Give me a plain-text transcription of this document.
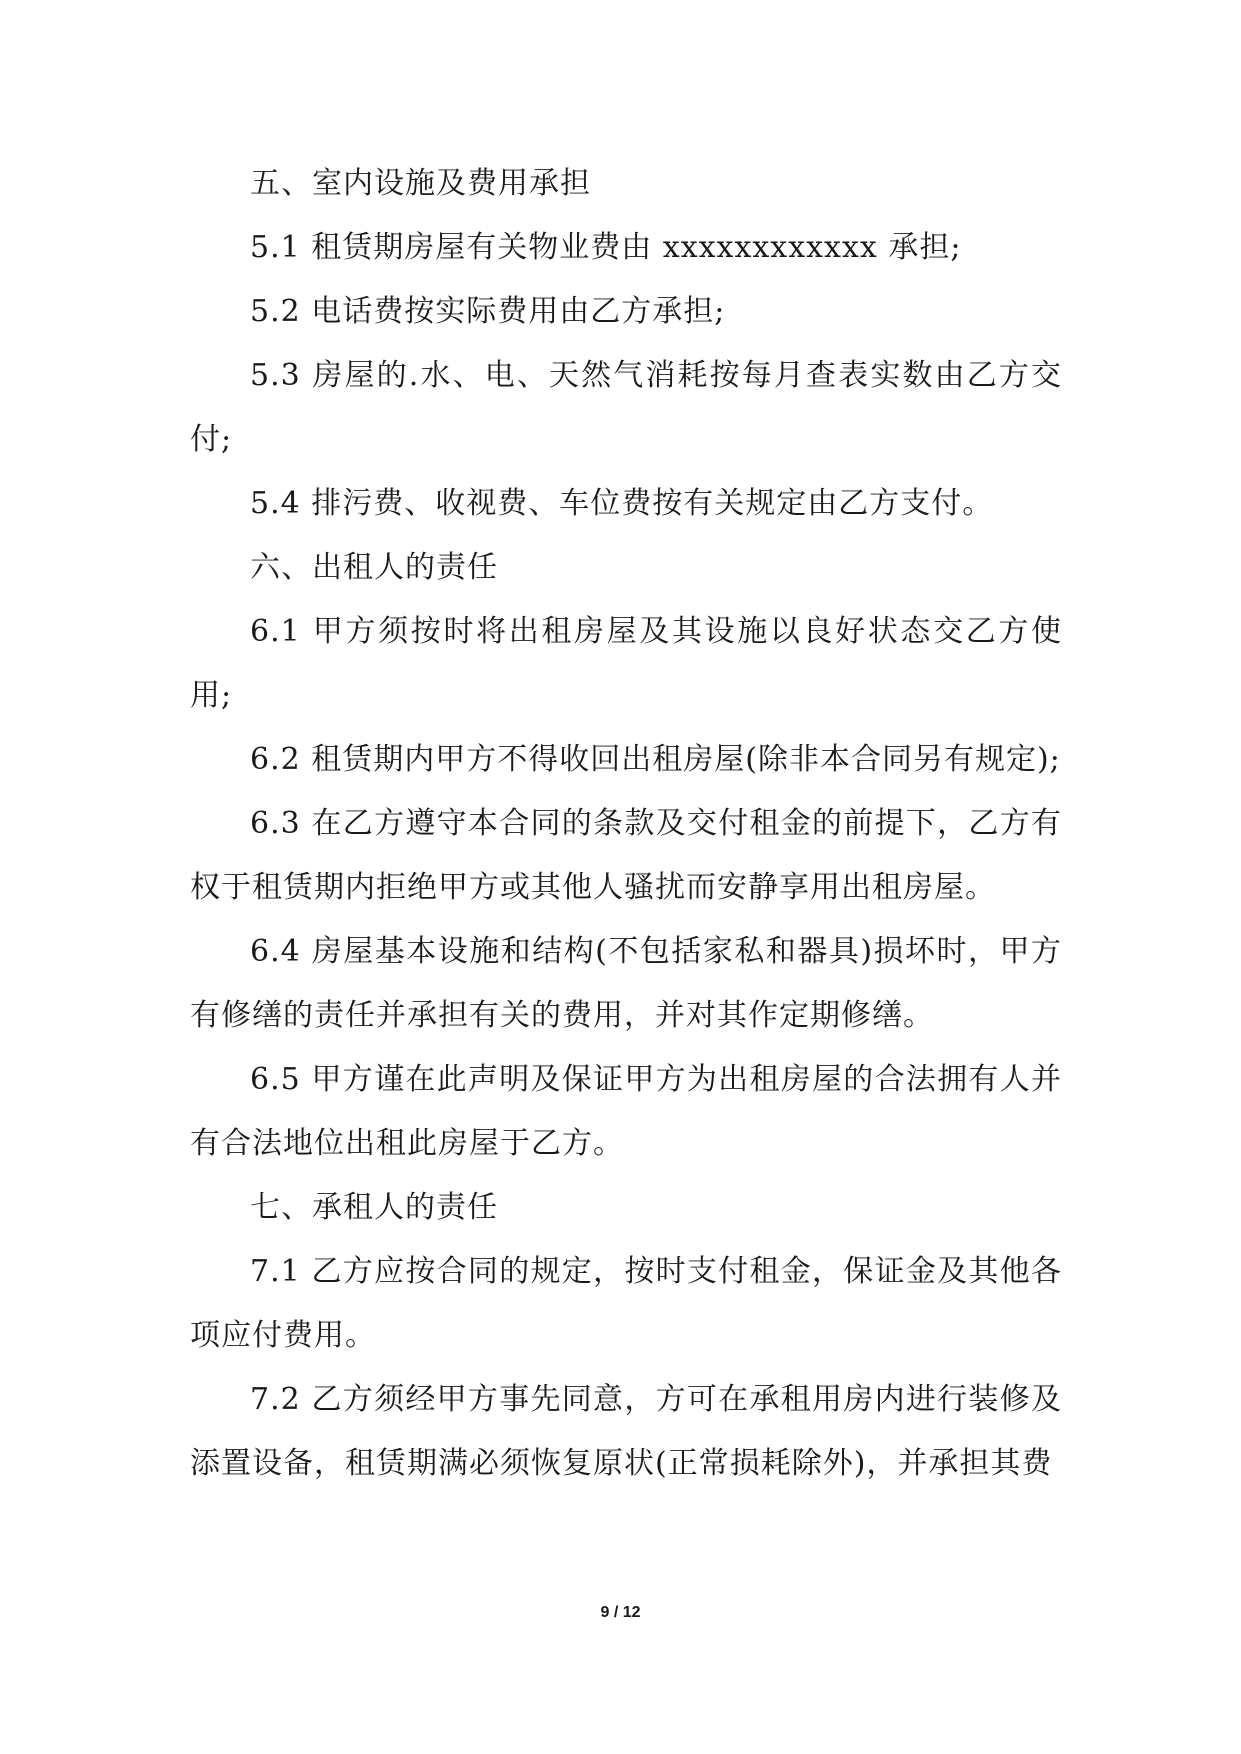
五、室内设施及费用承担

5.1 租赁期房屋有关物业费由 xxxxxxxxxxxx 承担;

5.2 电话费按实际费用由乙方承担;

5.3 房屋的.水、电、天然气消耗按每月查表实数由乙方交付;

5.4 排污费、收视费、车位费按有关规定由乙方支付。

六、出租人的责任

6.1 甲方须按时将出租房屋及其设施以良好状态交乙方使用;

6.2 租赁期内甲方不得收回出租房屋(除非本合同另有规定);

6.3 在乙方遵守本合同的条款及交付租金的前提下，乙方有权于租赁期内拒绝甲方或其他人骚扰而安静享用出租房屋。

6.4 房屋基本设施和结构(不包括家私和器具)损坏时，甲方有修缮的责任并承担有关的费用，并对其作定期修缮。

6.5 甲方谨在此声明及保证甲方为出租房屋的合法拥有人并有合法地位出租此房屋于乙方。

七、承租人的责任

7.1 乙方应按合同的规定，按时支付租金，保证金及其他各项应付费用。

7.2 乙方须经甲方事先同意，方可在承租用房内进行装修及添置设备，租赁期满必须恢复原状(正常损耗除外)，并承担其费

9 / 12
